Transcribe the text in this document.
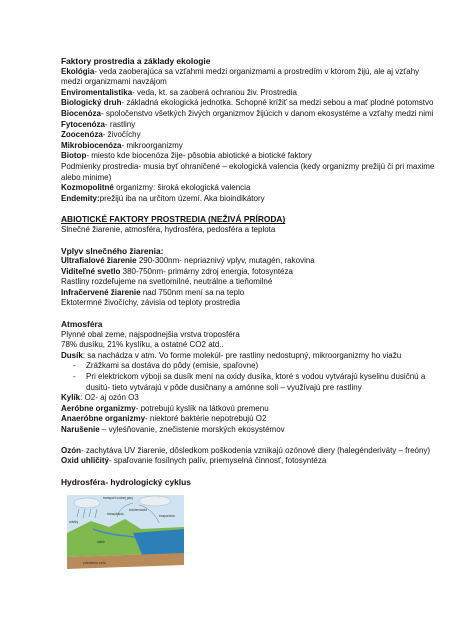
Faktory prostredia a základy ekologie

Ekológia- veda zaoberajúca sa vzťahmi medzi organizmami a prostredím v ktorom žijú, ale aj vzťahy medzi organizmami navzájom

Enviromentalistika- veda, kt. sa zaoberá ochranou živ. Prostredia

Biologický druh- základná ekologická jednotka. Schopné krížiť sa medzi sebou a mať plodné potomstvo

Biocenóza- spoločenstvo všetkých živých organizmov žijúcich v danom ekosystéme a vzťahy medzi nimi

Fytocenóza- rastliny

Zoocenóza- živočíchy

Mikrobiocenóza- mikroorganizmy

Biotop- miesto kde biocenóza žije- pôsobia abiotické a biotické faktory

Podmienky prostredia- musia byť ohraničené – ekologická valencia (kedy organizmy prežijú či pri maxime alebo minime)

Kozmopolitné organizmy: široká ekologická valencia

Endemity:prežijú iba na určitom území. Aka bioindikátory

ABIOTICKÉ FAKTORY PROSTREDIA (NEŽIVÁ PRÍRODA)

Slnečné žiarenie, atmosféra, hydrosféra, pedosféra a teplota

Vplyv slnečného žiarenia:

Ultrafialové žiarenie 290-300nm- nepriaznivý vplyv, mutagén, rakovina

Viditeľné svetlo 380-750nm- primárny zdroj energia, fotosyntéza

Rastliny rozdeľujeme na svetlomilné, neutrálne a tieňomilné

Infračervené žiarenie nad 750nm mení sa na teplo

Ektotermné živočíchy, závisia od teploty prostredia

Atmosféra

Plynné obal zeme, najspodnejšia vrstva troposféra

78% dusíku, 21% kyslíku, a ostatné CO2 atd..

Dusík: sa nachádza v atm. Vo forme molekúl- pre rastliny nedostupný, mikroorganizmy ho viažu

- Zrážkami sa dostáva do pôdy (emisie, spaľovne)
- Pri elektrickom výboji sa dusík mení na oxidy dusíka, ktoré s vodou vytvárajú kyselinu dusičnú a dusitú- tieto vytvárajú v pôde dusičnany a amónne soli – využívajú pre rastliny

Kylík: O2- aj ozón O3

Aeróbne organizmy- potrebujú kyslík na látkovú premenu

Anaeróbne organizmy- niektoré baktérie nepotrebujú O2

Narušenie – vyleśňovanie, znečistenie morských ekosystémov

Ozón- zachytáva UV žiarenie, dôsledkom poškodenia vznikajú ozónové diery (halegénderiváty – freóny)

Oxid uhličitý- spaľovanie fosílnych palív, priemyselná činnosť, fotosyntéza

Hydrosféra- hydrologický cyklus

transport vodnej pary
zrážky
kondenzácia
evaporácia
transpirácia
odtok
podzemná voda
